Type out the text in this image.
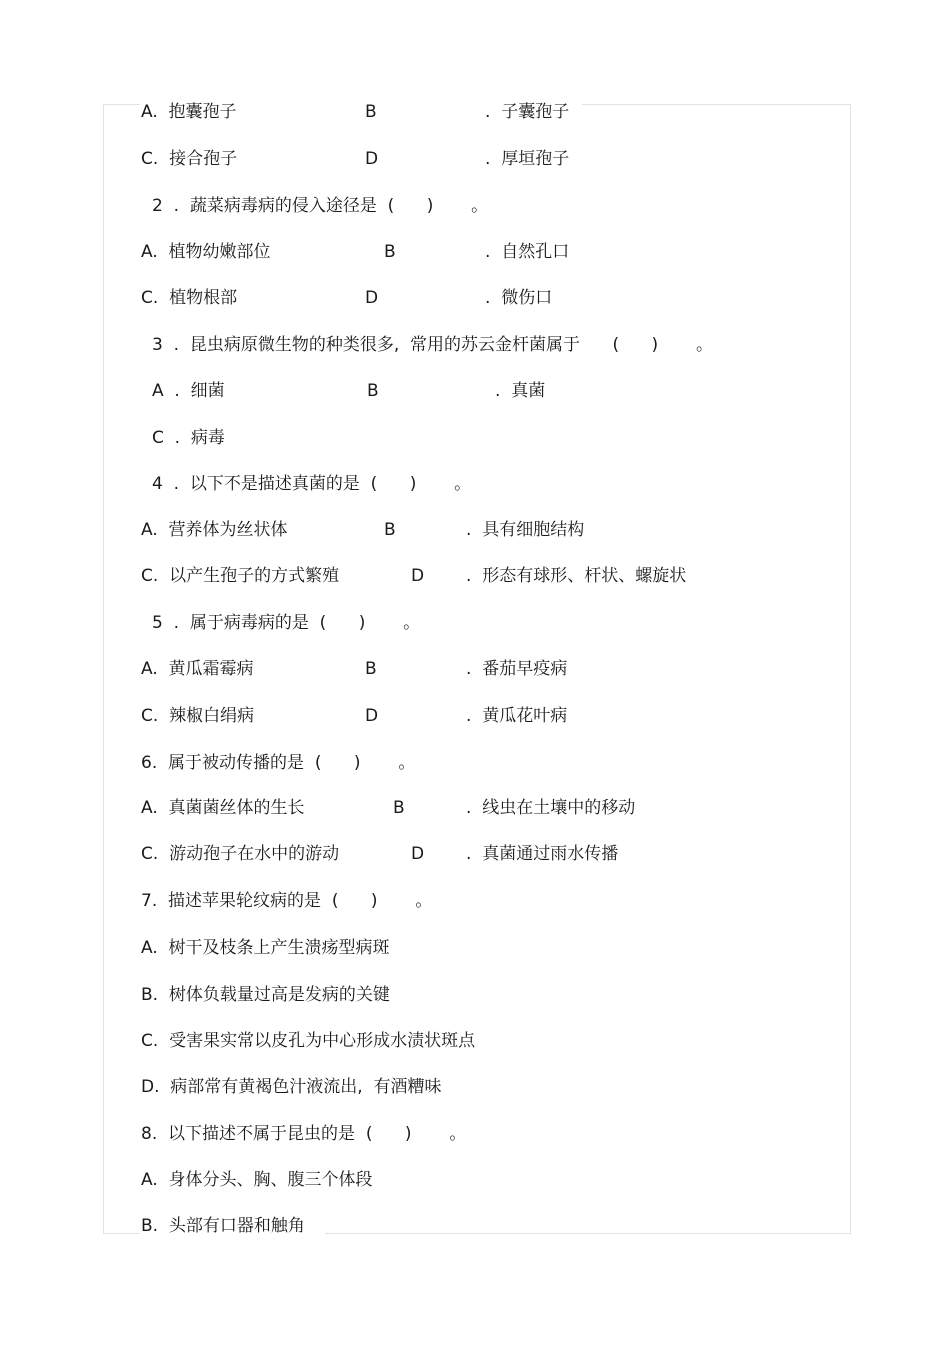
A.  抱囊孢子	B	.  子囊孢子
C.  接合孢子	D	.  厚垣孢子
2  .  蔬菜病毒病的侵入途径是  (      )       。
A.  植物幼嫩部位	B	.  自然孔口
C.  植物根部	D	.  微伤口
3  .  昆虫病原微生物的种类很多,  常用的苏云金杆菌属于      (      )       。
A  .  细菌	B	.  真菌
C  .  病毒
4  .  以下不是描述真菌的是  (      )       。
A.  营养体为丝状体	B	.  具有细胞结构
C.  以产生孢子的方式繁殖	D .  形态有球形、杆状、螺旋状
5  .  属于病毒病的是  (      )       。
A.  黄瓜霜霉病	B	.  番茄早疫病
C.  辣椒白绢病	D	.  黄瓜花叶病
6.  属于被动传播的是  (      )       。
A.  真菌菌丝体的生长	B	.  线虫在土壤中的移动
C.  游动孢子在水中的游动	D .  真菌通过雨水传播
7.  描述苹果轮纹病的是  (      )       。
A.  树干及枝条上产生溃疡型病斑
B.  树体负载量过高是发病的关键
C.  受害果实常以皮孔为中心形成水渍状斑点
D.  病部常有黄褐色汁液流出,  有酒糟味
8.  以下描述不属于昆虫的是  (      )       。
A.  身体分头、胸、腹三个体段
B.  头部有口器和触角
